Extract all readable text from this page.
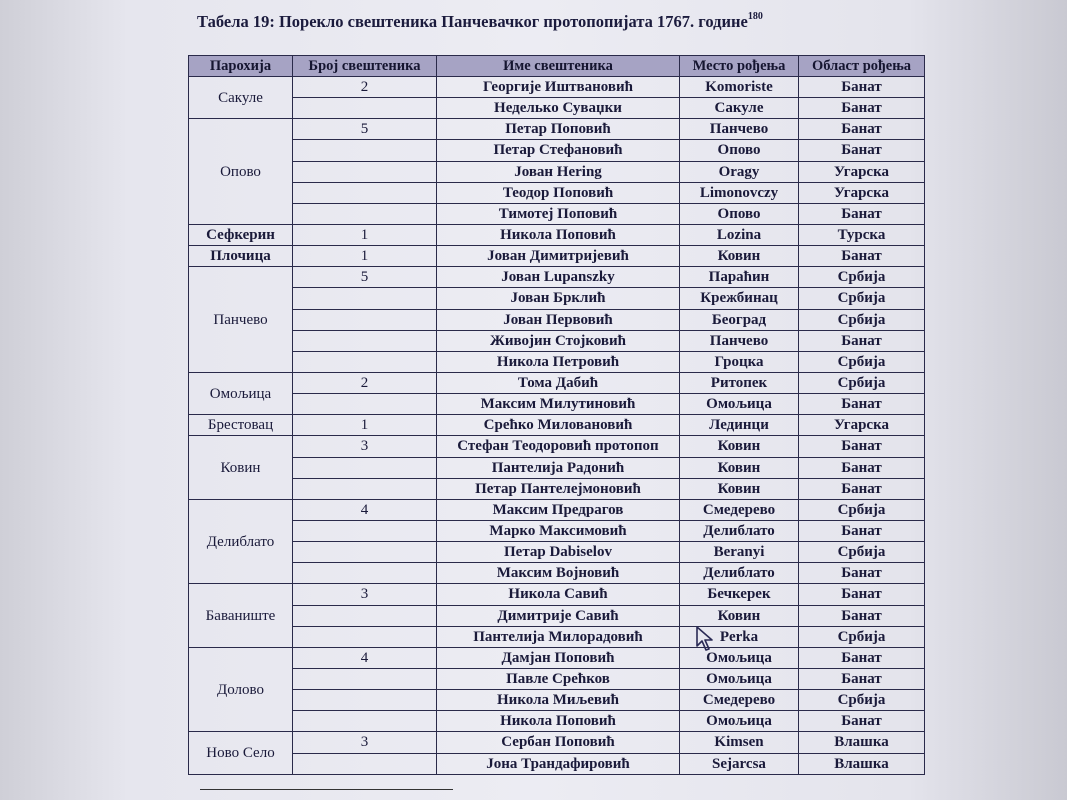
Табела 19: Порекло свештеника Панчевачког протопопијата 1767. године$^{180}$
Парохија	Број свештеника	Име свештеника	Место рођења	Област рођења
Сакуле	2	Георгије Иштвановић	Komoriste	Банат
		Неделько Суваџки	Сакуле	Банат
Опово	5	Петар Поповић	Панчево	Банат
		Петар Стефановић	Опово	Банат
		Јован Hering	Oragy	Угарска
		Теодор Поповић	Limonovczy	Угарска
		Тимотеј Поповић	Опово	Банат
Сефкерин	1	Никола Поповић	Lozina	Турска
Плочица	1	Јован Димитријевић	Ковин	Банат
Панчево	5	Јован Lupanszky	Параћин	Србија
		Јован Брклић	Крежбинац	Србија
		Јован Первовић	Београд	Србија
		Живојин Стојковић	Панчево	Банат
		Никола Петровић	Гроцка	Србија
Омољица	2	Тома Дабић	Ритопек	Србија
		Максим Милутиновић	Омољица	Банат
Брестовац	1	Срећко Миловановић	Лединци	Угарска
Ковин	3	Стефан Теодоровић протопоп	Ковин	Банат
		Пантелија Радонић	Ковин	Банат
		Петар Пантелејмоновић	Ковин	Банат
Делиблато	4	Максим Предрагов	Смедерево	Србија
		Марко Максимовић	Делиблато	Банат
		Петар Dabiselov	Beranyi	Србија
		Максим Војновић	Делиблато	Банат
Баваниште	3	Никола Савић	Бечкерек	Банат
		Димитрије Савић	Ковин	Банат
		Пантелија Милорадовић	Perka	Србија
Долово	4	Дамјан Поповић	Омољица	Банат
		Павле Срећков	Омољица	Банат
		Никола Миљевић	Смедерево	Србија
		Никола Поповић	Омољица	Банат
Ново Село	3	Сербан Поповић	Kimsen	Влашка
		Јона Трандафировић	Sejarcsa	Влашка
